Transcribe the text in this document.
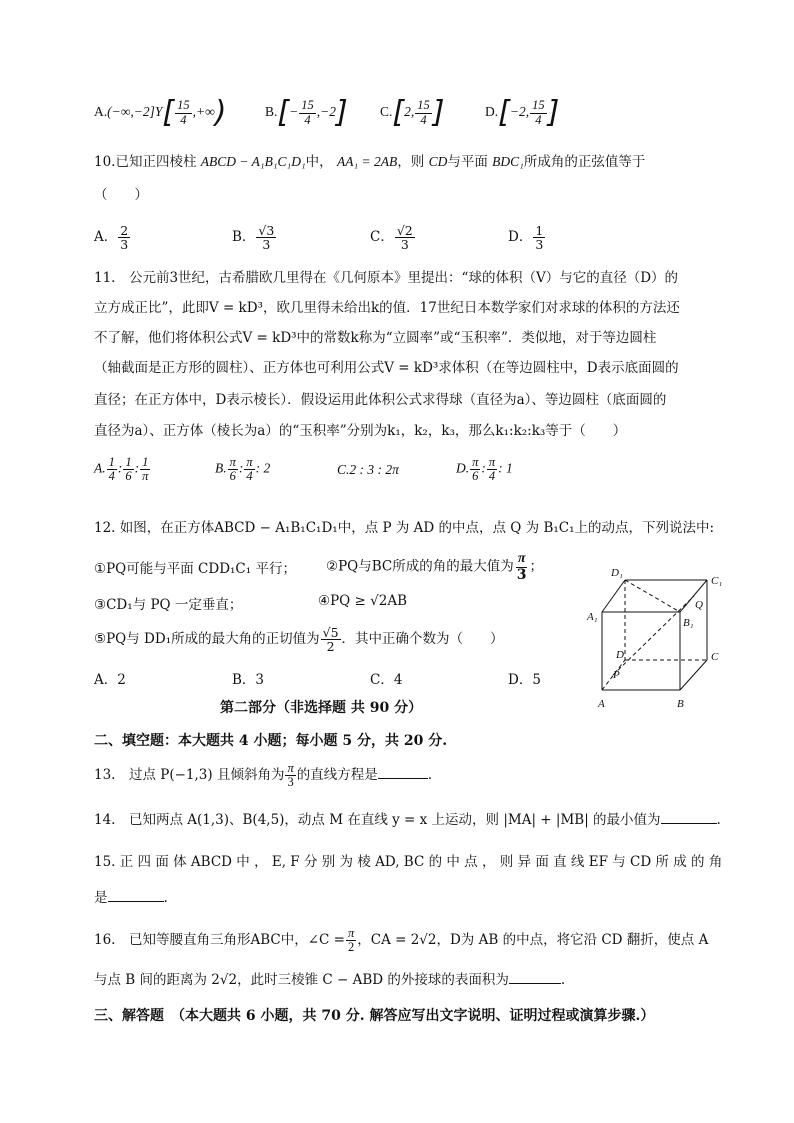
$A.(-\infty,-2]Y[ \frac{15}{4}$ ,+∞)	$B.[- \frac{15}{4} ,-2]$ C.[2, $\frac{15}{4}$ ]	D.[−2, $\frac{15}{4}$ ]
10.已知正四棱柱 ABCD − A₁B₁C₁D₁中， AA₁ = 2AB，则 CD与平面 BDC₁所成角的正弦值等于
（　　）
A． $\frac{2}{3}$	B． $\frac{√3}{3}$	C． $\frac{√2}{3}$	D． $\frac{1}{3}$
11.　公元前3世纪，古希腊欧几里得在《几何原本》里提出：“球的体积（V）与它的直径（D）的
立方成正比”，此即V = kD³，欧几里得未给出k的值．17世纪日本数学家们对求球的体积的方法还
不了解，他们将体积公式V = kD³中的常数k称为“立圆率”或“玉积率”．类似地，对于等边圆柱
（轴截面是正方形的圆柱）、正方体也可利用公式V = kD³求体积（在等边圆柱中，D表示底面圆的
直径；在正方体中，D表示棱长）．假设运用此体积公式求得球（直径为a）、等边圆柱（底面圆的
直径为a）、正方体（棱长为a）的“玉积率”分别为k₁，k₂，k₃，那么k₁:k₂:k₃等于（　　）
A. $\frac{1}{4}$ : $\frac{1}{6}$ : $\frac{1}{\pi}$	B. $\frac{\pi}{6}$ : $\frac{\pi}{4}$ : 2	C.2 : 3 : 2π	D. $\frac{\pi}{6}$ : $\frac{\pi}{4}$ : 1
12. 如图，在正方体ABCD − A₁B₁C₁D₁中，点 P 为 AD 的中点，点 Q 为 B₁C₁上的动点，下列说法中:
①PQ可能与平面 CDD₁C₁ 平行； ②PQ与BC所成的角的最大值为 $\frac{\pi}{3}$ ；
③CD₁与 PQ 一定垂直；	④PQ ≥ √2AB
⑤PQ与 DD₁所成的最大角的正切值为 $\frac{√5}{2}$ ．其中正确个数为（　　）
A．2	B．3	C．4	D．5
D₁
C₁
A₁	B₁
Q
D	C
P
A	B
第二部分（非选择题 共 90 分）
二、填空题：本大题共 4 小题；每小题 5 分，共 20 分.
13.　过点 P(−1,3) 且倾斜角为 $\frac{\pi}{3}$ 的直线方程是	.
14.　已知两点 A(1,3)、B(4,5)，动点 M 在直线 y = x 上运动，则 |MA| + |MB| 的最小值为	.
15. 正 四 面 体 ABCD 中 ， E, F 分 别 为 棱 AD, BC 的 中 点 ， 则 异 面 直 线 EF 与 CD 所 成 的 角
是	.
16.　已知等腰直角三角形ABC中，∠C = $\frac{\pi}{2}$ ，CA = 2√2，D为 AB 的中点，将它沿 CD 翻折，使点 A
与点 B 间的距离为 2√2，此时三棱锥 C − ABD 的外接球的表面积为	.
三、解答题　（本大题共 6 小题，共 70 分. 解答应写出文字说明、证明过程或演算步骤.）
